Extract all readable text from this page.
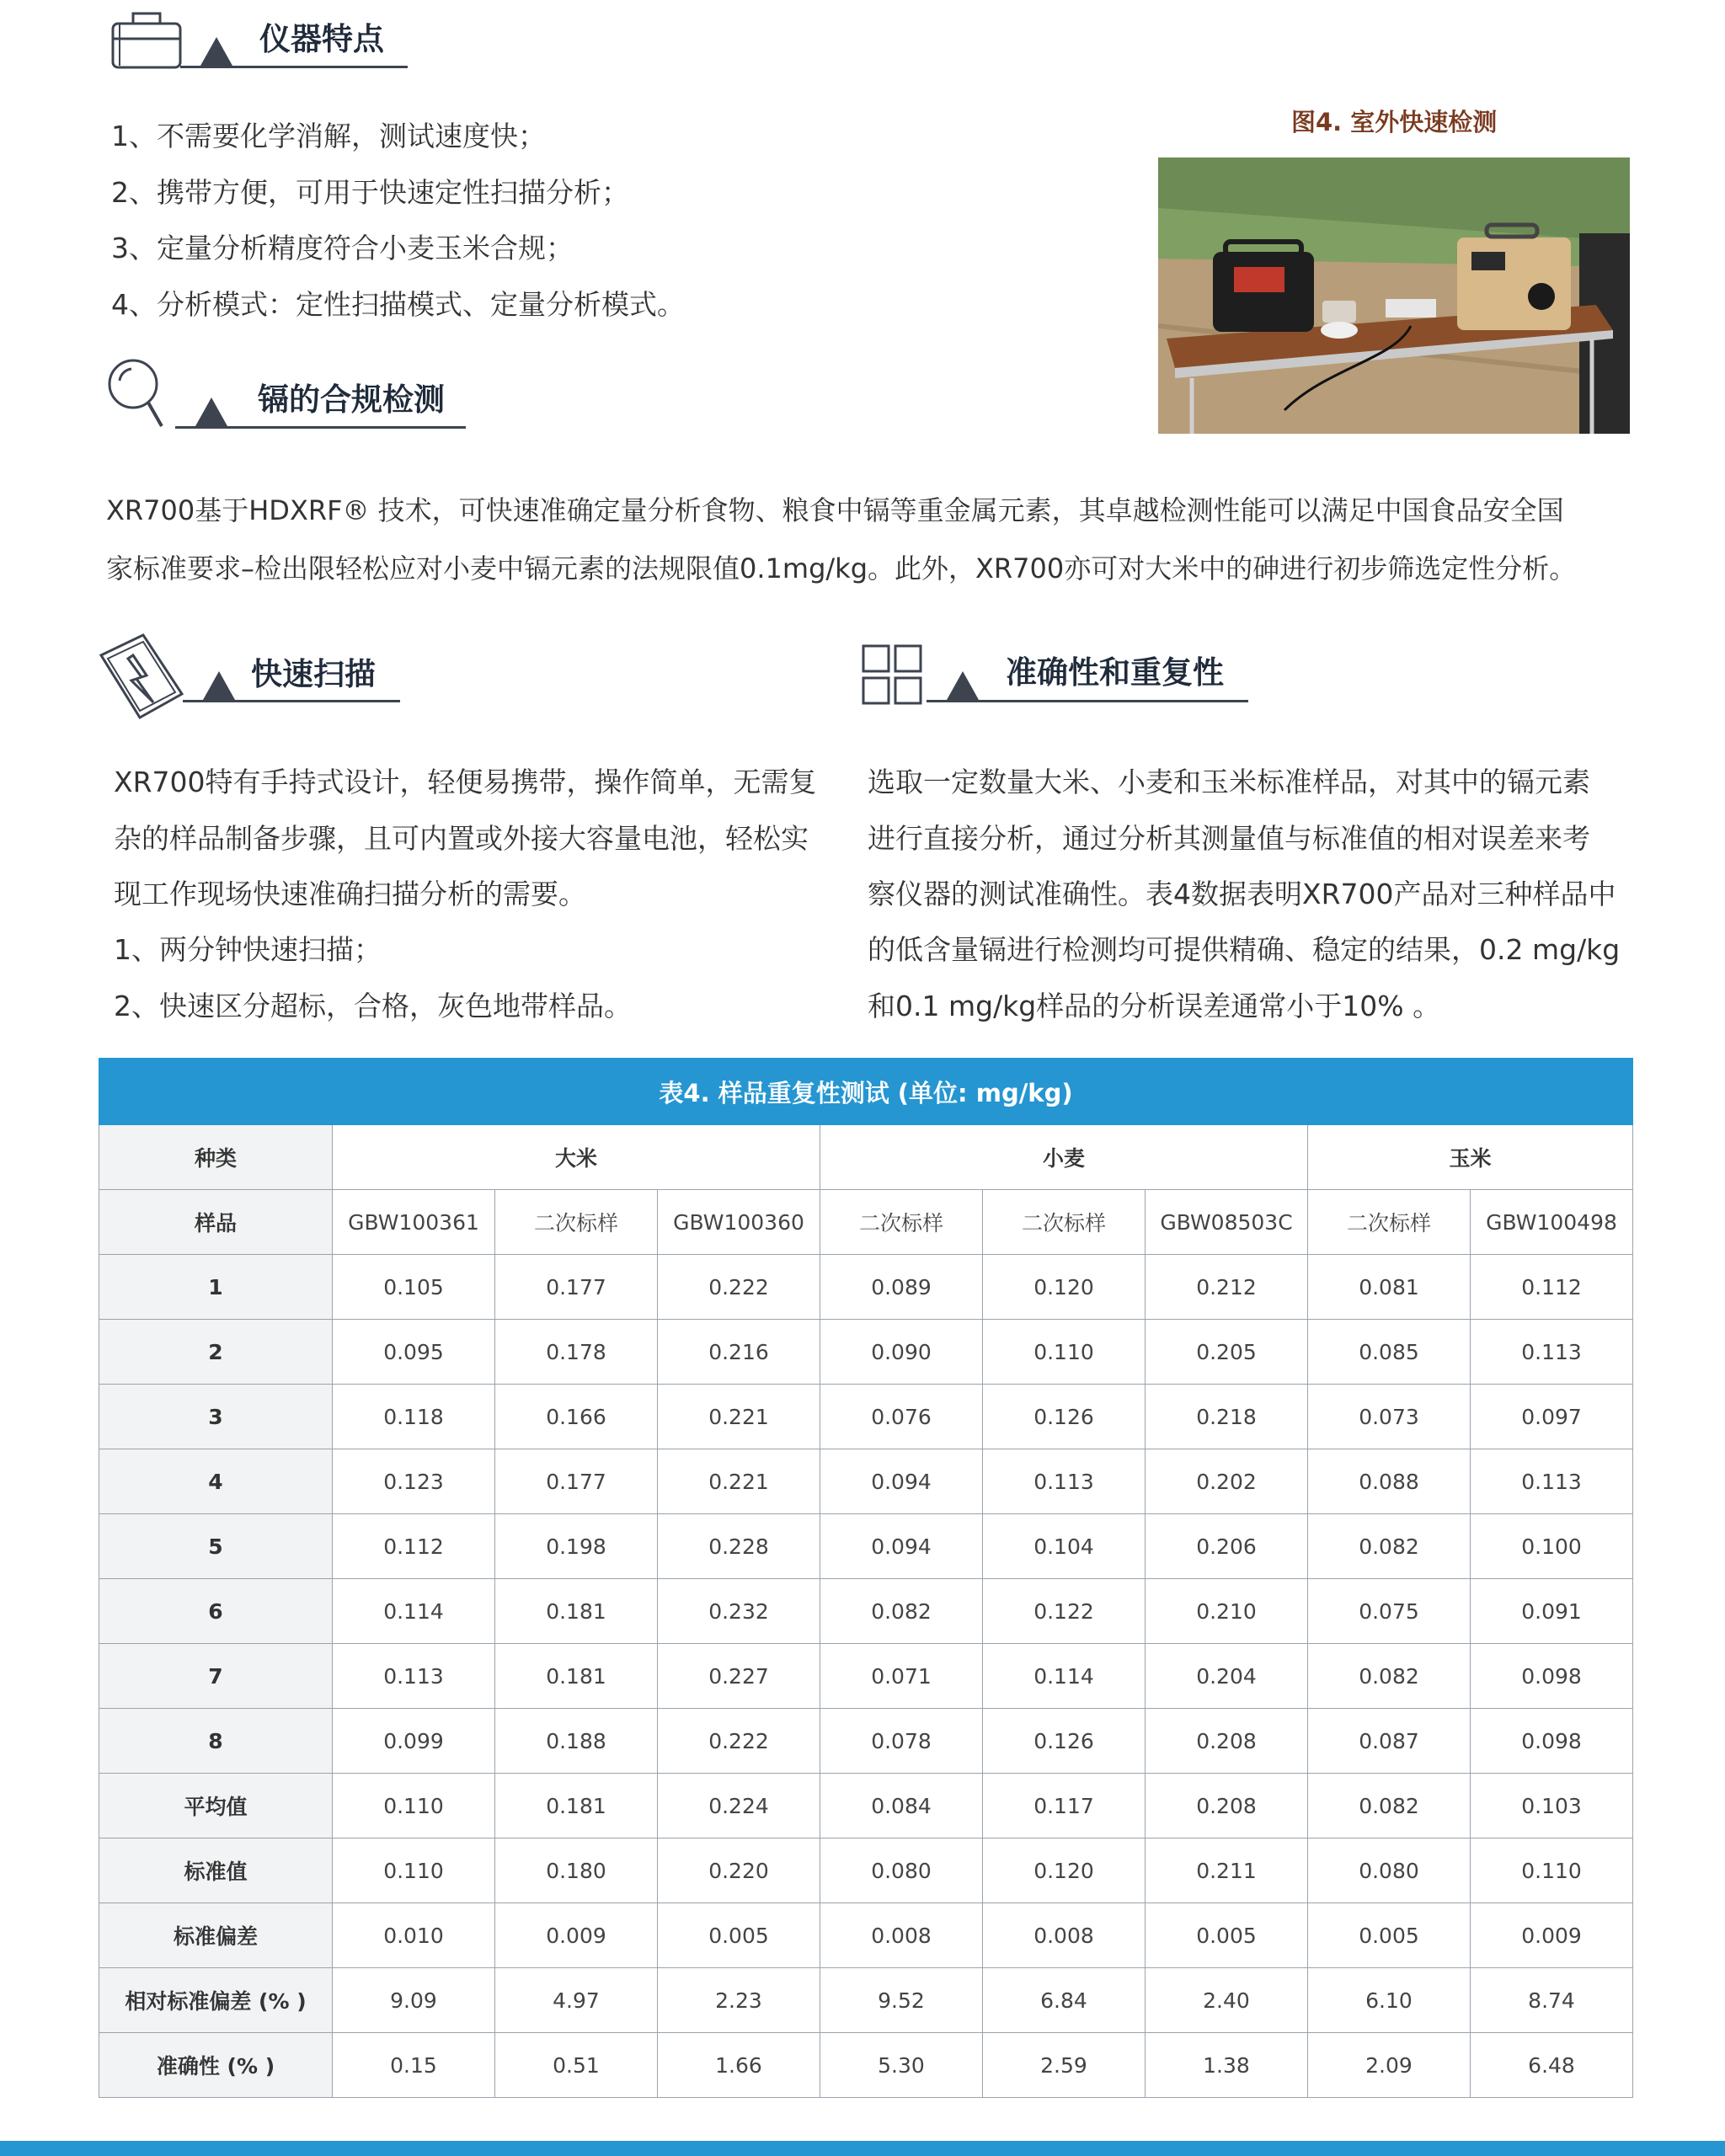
仪器特点
1、不需要化学消解，测试速度快；
2、携带方便，可用于快速定性扫描分析；
3、定量分析精度符合小麦玉米合规；
4、分析模式：定性扫描模式、定量分析模式。
图4. 室外快速检测
镉的合规检测
XR700基于HDXRF® 技术，可快速准确定量分析食物、粮食中镉等重金属元素，其卓越检测性能可以满足中国食品安全国
家标准要求–检出限轻松应对小麦中镉元素的法规限值0.1mg/kg。此外，XR700亦可对大米中的砷进行初步筛选定性分析。
快速扫描
XR700特有手持式设计，轻便易携带，操作简单，无需复
杂的样品制备步骤，且可内置或外接大容量电池，轻松实
现工作现场快速准确扫描分析的需要。
1、两分钟快速扫描；
2、快速区分超标，合格，灰色地带样品。
准确性和重复性
选取一定数量大米、小麦和玉米标准样品，对其中的镉元素
进行直接分析，通过分析其测量值与标准值的相对误差来考
察仪器的测试准确性。表4数据表明XR700产品对三种样品中
的低含量镉进行检测均可提供精确、稳定的结果，0.2 mg/kg
和0.1 mg/kg样品的分析误差通常小于10% 。
表4. 样品重复性测试 (单位: mg/kg)								
种类	大米			小麦			玉米	
样品	GBW100361	二次标样	GBW100360	二次标样	二次标样	GBW08503C	二次标样	GBW100498
1	0.105	0.177	0.222	0.089	0.120	0.212	0.081	0.112
2	0.095	0.178	0.216	0.090	0.110	0.205	0.085	0.113
3	0.118	0.166	0.221	0.076	0.126	0.218	0.073	0.097
4	0.123	0.177	0.221	0.094	0.113	0.202	0.088	0.113
5	0.112	0.198	0.228	0.094	0.104	0.206	0.082	0.100
6	0.114	0.181	0.232	0.082	0.122	0.210	0.075	0.091
7	0.113	0.181	0.227	0.071	0.114	0.204	0.082	0.098
8	0.099	0.188	0.222	0.078	0.126	0.208	0.087	0.098
平均值	0.110	0.181	0.224	0.084	0.117	0.208	0.082	0.103
标准值	0.110	0.180	0.220	0.080	0.120	0.211	0.080	0.110
标准偏差	0.010	0.009	0.005	0.008	0.008	0.005	0.005	0.009
相对标准偏差 (% )	9.09	4.97	2.23	9.52	6.84	2.40	6.10	8.74
准确性 (% )	0.15	0.51	1.66	5.30	2.59	1.38	2.09	6.48
